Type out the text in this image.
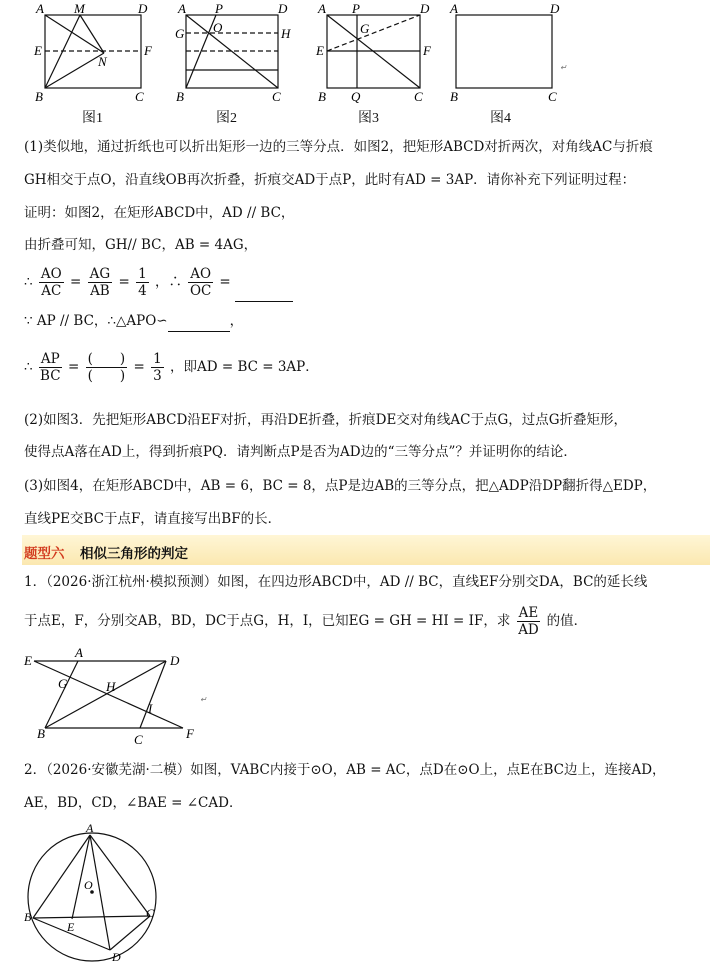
A M	D
E	F
N
B	C
A P	D
G O	H
B	C
A P	D
G
E	F
B Q	C
A	D
B	C
↵
图1	图2	图3	图4
(1)类似地，通过折纸也可以折出矩形一边的三等分点．如图2，把矩形ABCD对折两次，对角线AC与折痕
GH相交于点O，沿直线OB再次折叠，折痕交AD于点P，此时有AD = 3AP．请你补充下列证明过程：
证明：如图2，在矩形ABCD中，AD // BC，
由折叠可知，GH// BC，AB = 4AG，
∴ $\frac{AO}{AC} = \frac{AG}{AB} = \frac{1}{4}$ ，∴ $\frac{AO}{OC}$ =
∵ AP // BC，∴△APO∽	，
∴ $\frac{AP}{BC} = \frac{( )}{( )} = \frac{1}{3}$ ，即AD = BC = 3AP．
(2)如图3．先把矩形ABCD沿EF对折，再沿DE折叠，折痕DE交对角线AC于点G，过点G折叠矩形，
使得点A落在AD上，得到折痕PQ．请判断点P是否为AD边的“三等分点”？并证明你的结论．
(3)如图4，在矩形ABCD中，AB = 6，BC = 8，点P是边AB的三等分点，把△ADP沿DP翻折得△EDP，
直线PE交BC于点F，请直接写出BF的长．
题型六 相似三角形的判定
1．（2026·浙江杭州·模拟预测）如图，在四边形ABCD中，AD // BC，直线EF分别交DA，BC的延长线
于点E，F，分别交AB，BD，DC于点G，H，I，已知EG = GH = HI = IF，求 $\frac{AE}{AD}$ 的值．
E
A
D
G	H
I
B	C	F
↵
2．（2026·安徽芜湖·二模）如图，VABC内接于⊙O，AB = AC，点D在⊙O上，点E在BC边上，连接AD，
AE，BD，CD，∠BAE = ∠CAD．
A
O
B
E
C
D
